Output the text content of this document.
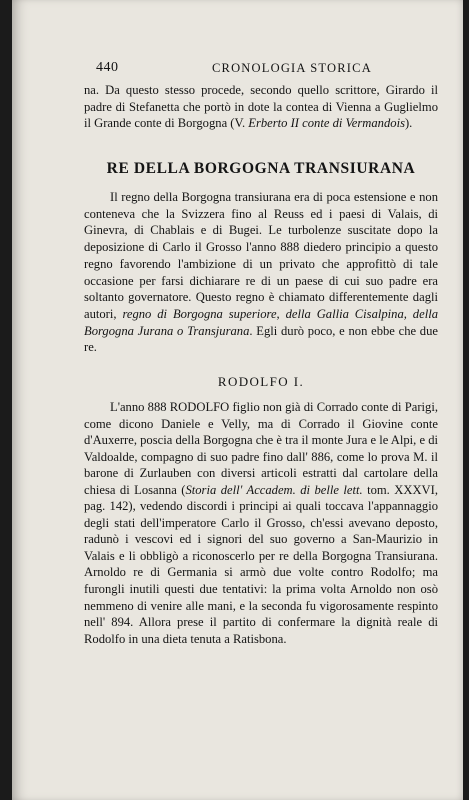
440	CRONOLOGIA STORICA

na. Da questo stesso procede, secondo quello scrittore, Girardo il padre di Stefanetta che portò in dote la contea di Vienna a Guglielmo il Grande conte di Borgogna (V. Erberto II conte di Vermandois).

RE DELLA BORGOGNA TRANSIURANA

Il regno della Borgogna transiurana era di poca estensione e non conteneva che la Svizzera fino al Reuss ed i paesi di Valais, di Ginevra, di Chablais e di Bugei. Le turbolenze suscitate dopo la deposizione di Carlo il Grosso l'anno 888 diedero principio a questo regno favorendo l'ambizione di un privato che approfittò di tale occasione per farsi dichiarare re di un paese di cui suo padre era soltanto governatore. Questo regno è chiamato differentemente dagli autori, regno di Borgogna superiore, della Gallia Cisalpina, della Borgogna Jurana o Transjurana. Egli durò poco, e non ebbe che due re.

RODOLFO I.

L'anno 888 RODOLFO figlio non già di Corrado conte di Parigi, come dicono Daniele e Velly, ma di Corrado il Giovine conte d'Auxerre, poscia della Borgogna che è tra il monte Jura e le Alpi, e di Valdoalde, compagno di suo padre fino dall' 886, come lo prova M. il barone di Zurlauben con diversi articoli estratti dal cartolare della chiesa di Losanna (Storia dell' Accadem. di belle lett. tom. XXXVI, pag. 142), vedendo discordi i principi ai quali toccava l'appannaggio degli stati dell'imperatore Carlo il Grosso, ch'essi avevano deposto, radunò i vescovi ed i signori del suo governo a San-Maurizio in Valais e li obbligò a riconoscerlo per re della Borgogna Transiurana. Arnoldo re di Germania si armò due volte contro Rodolfo; ma furongli inutili questi due tentativi: la prima volta Arnoldo non osò nemmeno di venire alle mani, e la seconda fu vigorosamente respinto nell' 894. Allora prese il partito di confermare la dignità reale di Rodolfo in una dieta tenuta a Ratisbona.
